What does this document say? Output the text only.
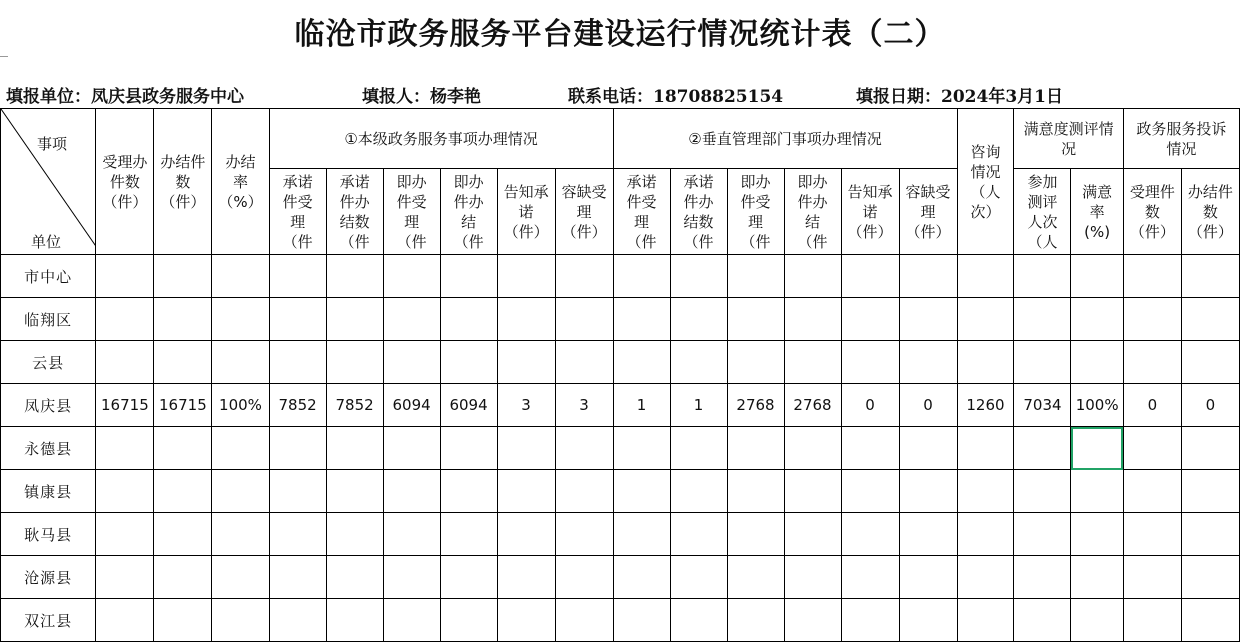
临沧市政务服务平台建设运行情况统计表（二）
填报单位：凤庆县政务服务中心	填报人：杨李艳	联系电话：18708825154	填报日期：2024年3月1日
事项
单位	受理办件数（件）	办结件数（件）	办结率（%）	①本级政务服务事项办理情况						②垂直管理部门事项办理情况						咨询情况（人次）	满意度测评情况		政务服务投诉情况	
				承诺件受理（件	承诺件办结数（件	即办件受理（件	即办件办结（件	告知承诺（件）	容缺受理（件）	承诺件受理（件	承诺件办结数（件	即办件受理（件	即办件办结（件	告知承诺（件）	容缺受理（件）		参加测评人次（人	满意率(%)	受理件数（件）	办结件数（件）
市中心																				
临翔区																				
云县																				
凤庆县	16715	16715	100%	7852	7852	6094	6094	3	3	1	1	2768	2768	0	0	1260	7034	100%	0	0
永德县																				
镇康县																				
耿马县																				
沧源县																				
双江县																				
